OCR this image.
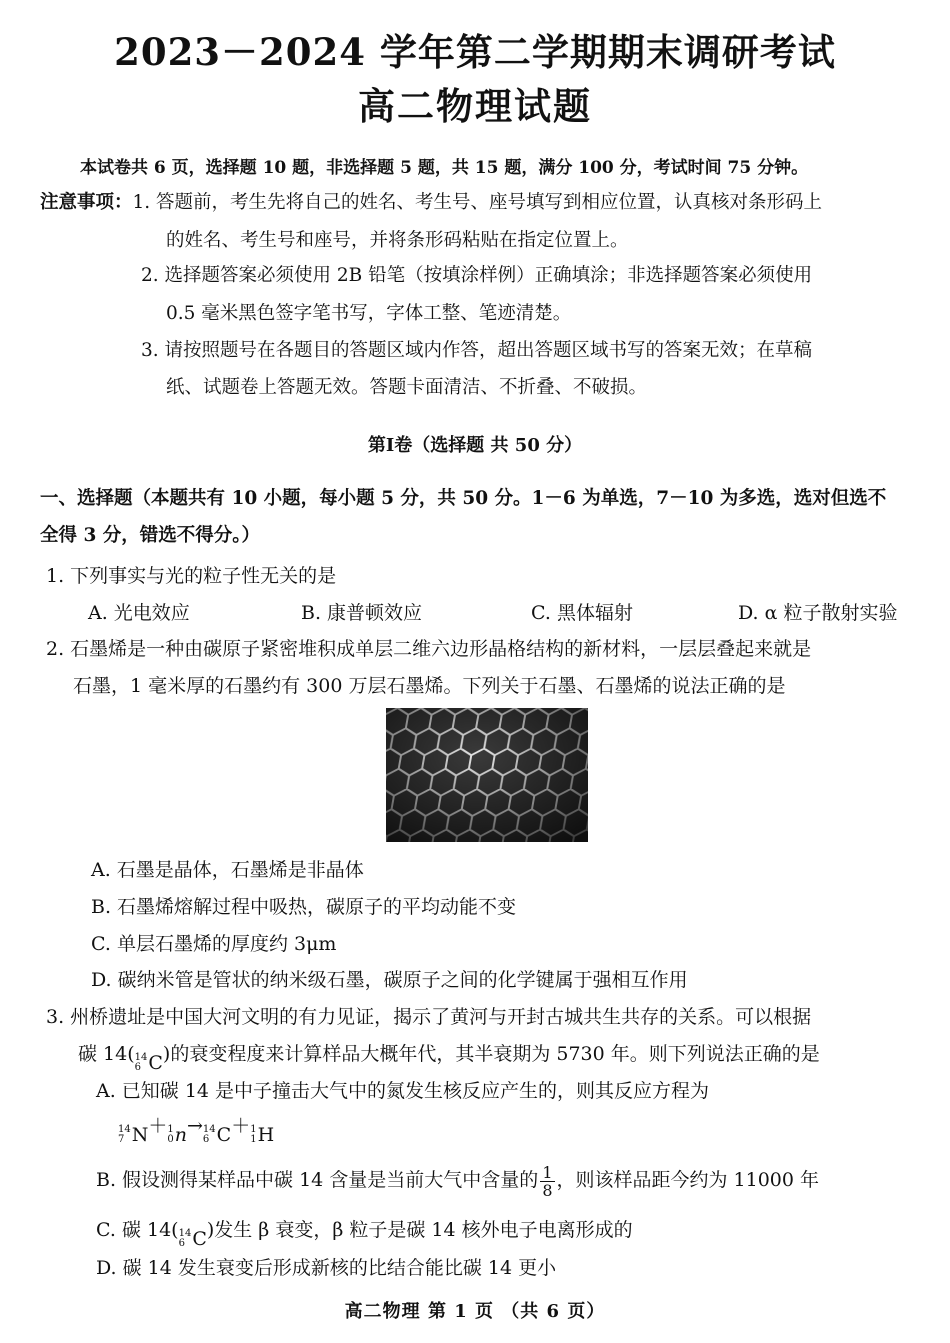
2023－2024 学年第二学期期末调研考试
高二物理试题
本试卷共 6 页，选择题 10 题，非选择题 5 题，共 15 题，满分 100 分，考试时间 75 分钟。
注意事项：1. 答题前，考生先将自己的姓名、考生号、座号填写到相应位置，认真核对条形码上
的姓名、考生号和座号，并将条形码粘贴在指定位置上。
2. 选择题答案必须使用 2B 铅笔（按填涂样例）正确填涂；非选择题答案必须使用
0.5 毫米黑色签字笔书写，字体工整、笔迹清楚。
3. 请按照题号在各题目的答题区域内作答，超出答题区域书写的答案无效；在草稿
纸、试题卷上答题无效。答题卡面清洁、不折叠、不破损。
第Ⅰ卷（选择题 共 50 分）
一、选择题（本题共有 10 小题，每小题 5 分，共 50 分。1－6 为单选，7－10 为多选，选对但选不
全得 3 分，错选不得分。）
1. 下列事实与光的粒子性无关的是
A. 光电效应	B. 康普顿效应	C. 黑体辐射	D. α 粒子散射实验
2. 石墨烯是一种由碳原子紧密堆积成单层二维六边形晶格结构的新材料，一层层叠起来就是
石墨，1 毫米厚的石墨约有 300 万层石墨烯。下列关于石墨、石墨烯的说法正确的是
A. 石墨是晶体，石墨烯是非晶体
B. 石墨烯熔解过程中吸热，碳原子的平均动能不变
C. 单层石墨烯的厚度约 3μm
D. 碳纳米管是管状的纳米级石墨，碳原子之间的化学键属于强相互作用
3. 州桥遗址是中国大河文明的有力见证，揭示了黄河与开封古城共生共存的关系。可以根据
碳 14( 14
6 C )的衰变程度来计算样品大概年代，其半衰期为 5730 年。则下列说法正确的是
A. 已知碳 14 是中子撞击大气中的氮发生核反应产生的，则其反应方程为
14
7 N ＋ 1
0 n → 14
6 C ＋ 1
1 H
B. 假设测得某样品中碳 14 含量是当前大气中含量的 $\frac{1}{8}$ ，则该样品距今约为 11000 年
C. 碳 14( 14
6 C )发生 β 衰变，β 粒子是碳 14 核外电子电离形成的
D. 碳 14 发生衰变后形成新核的比结合能比碳 14 更小
高二物理 第 1 页 （共 6 页）
